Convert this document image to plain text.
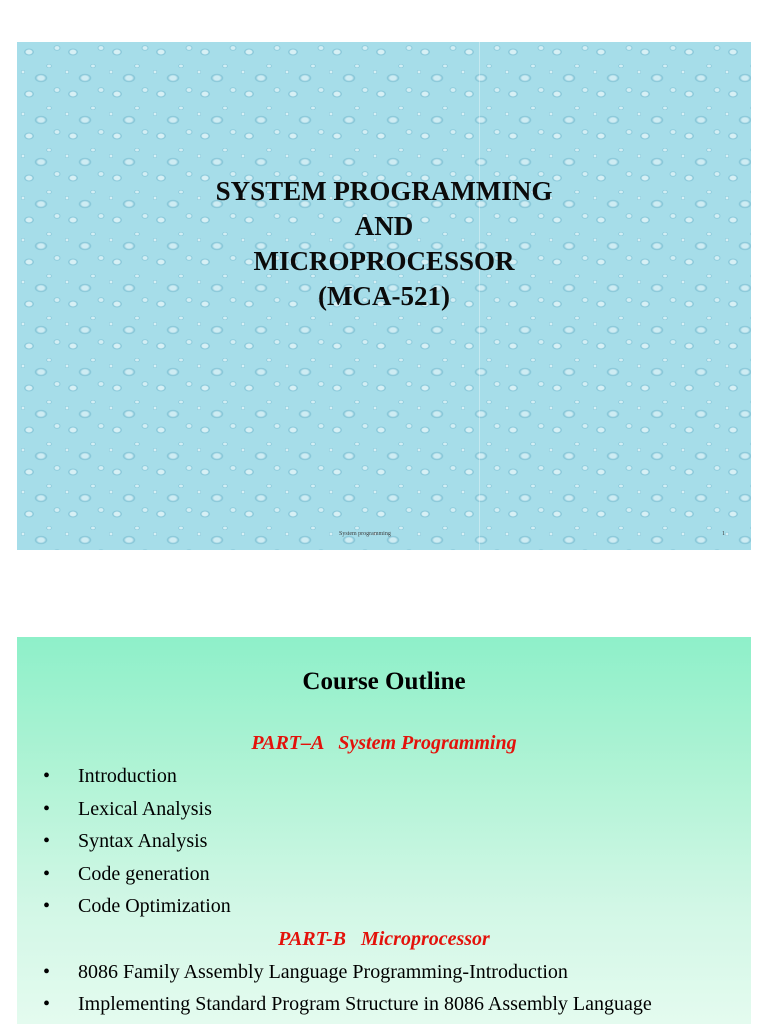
SYSTEM PROGRAMMING
AND
MICROPROCESSOR
(MCA-521)
System programming	1
Course Outline
PART–A   System Programming
• Introduction
• Lexical Analysis
• Syntax Analysis
• Code generation
• Code Optimization
PART-B   Microprocessor
• 8086 Family Assembly Language Programming-Introduction
• Implementing Standard Program Structure in 8086 Assembly Language
